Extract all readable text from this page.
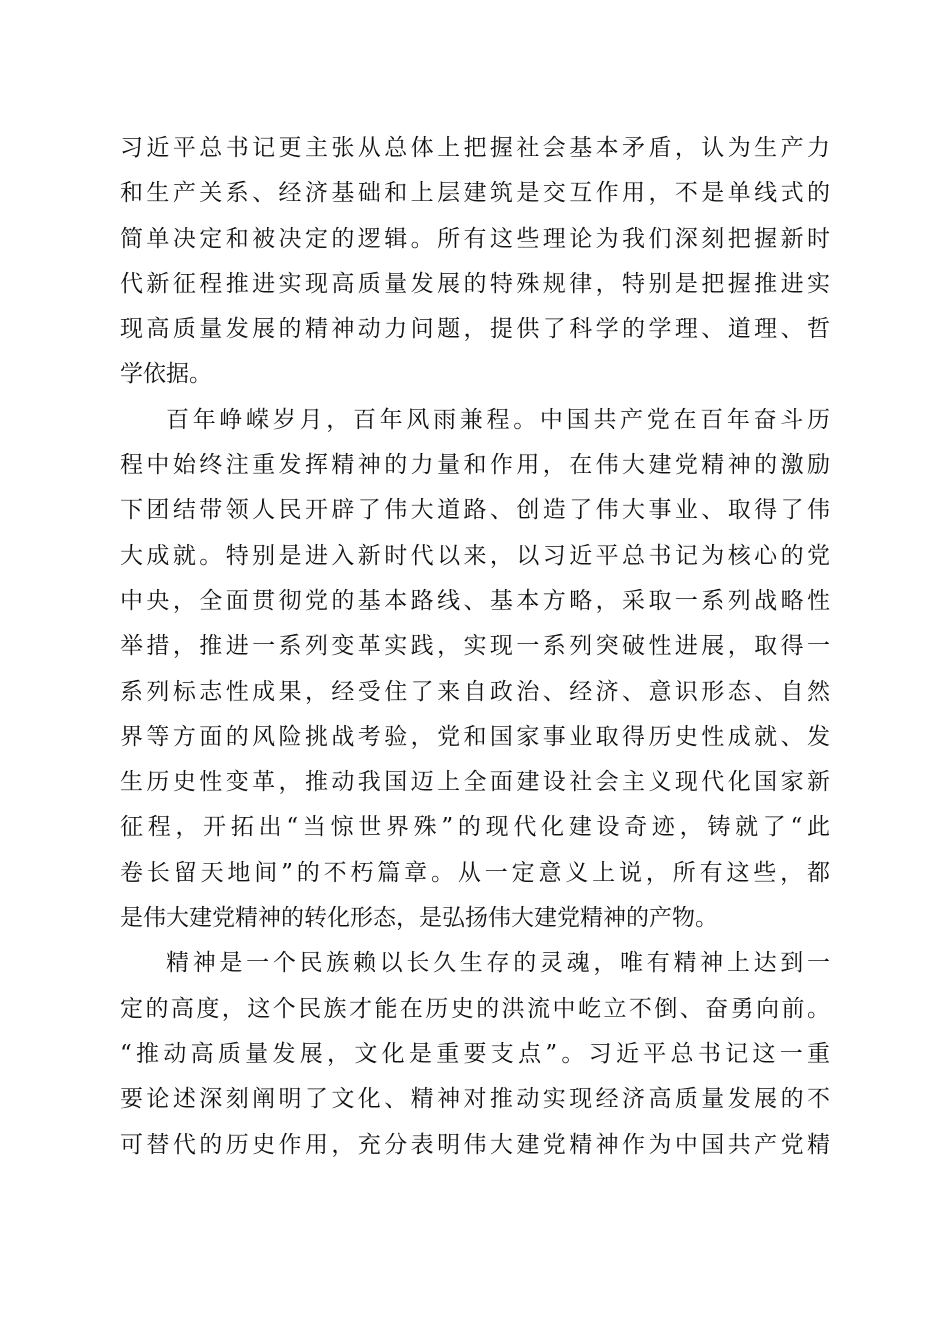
习近平总书记更主张从总体上把握社会基本矛盾，认为生产力
和生产关系、经济基础和上层建筑是交互作用，不是单线式的
简单决定和被决定的逻辑。所有这些理论为我们深刻把握新时
代新征程推进实现高质量发展的特殊规律，特别是把握推进实
现高质量发展的精神动力问题，提供了科学的学理、道理、哲
学依据。
百年峥嵘岁月，百年风雨兼程。中国共产党在百年奋斗历
程中始终注重发挥精神的力量和作用，在伟大建党精神的激励
下团结带领人民开辟了伟大道路、创造了伟大事业、取得了伟
大成就。特别是进入新时代以来，以习近平总书记为核心的党
中央，全面贯彻党的基本路线、基本方略，采取一系列战略性
举措，推进一系列变革实践，实现一系列突破性进展，取得一
系列标志性成果，经受住了来自政治、经济、意识形态、自然
界等方面的风险挑战考验，党和国家事业取得历史性成就、发
生历史性变革，推动我国迈上全面建设社会主义现代化国家新
征程，开拓出“当惊世界殊”的现代化建设奇迹，铸就了“此
卷长留天地间”的不朽篇章。从一定意义上说，所有这些，都
是伟大建党精神的转化形态，是弘扬伟大建党精神的产物。
精神是一个民族赖以长久生存的灵魂，唯有精神上达到一
定的高度，这个民族才能在历史的洪流中屹立不倒、奋勇向前。
“推动高质量发展，文化是重要支点”。习近平总书记这一重
要论述深刻阐明了文化、精神对推动实现经济高质量发展的不
可替代的历史作用，充分表明伟大建党精神作为中国共产党精
